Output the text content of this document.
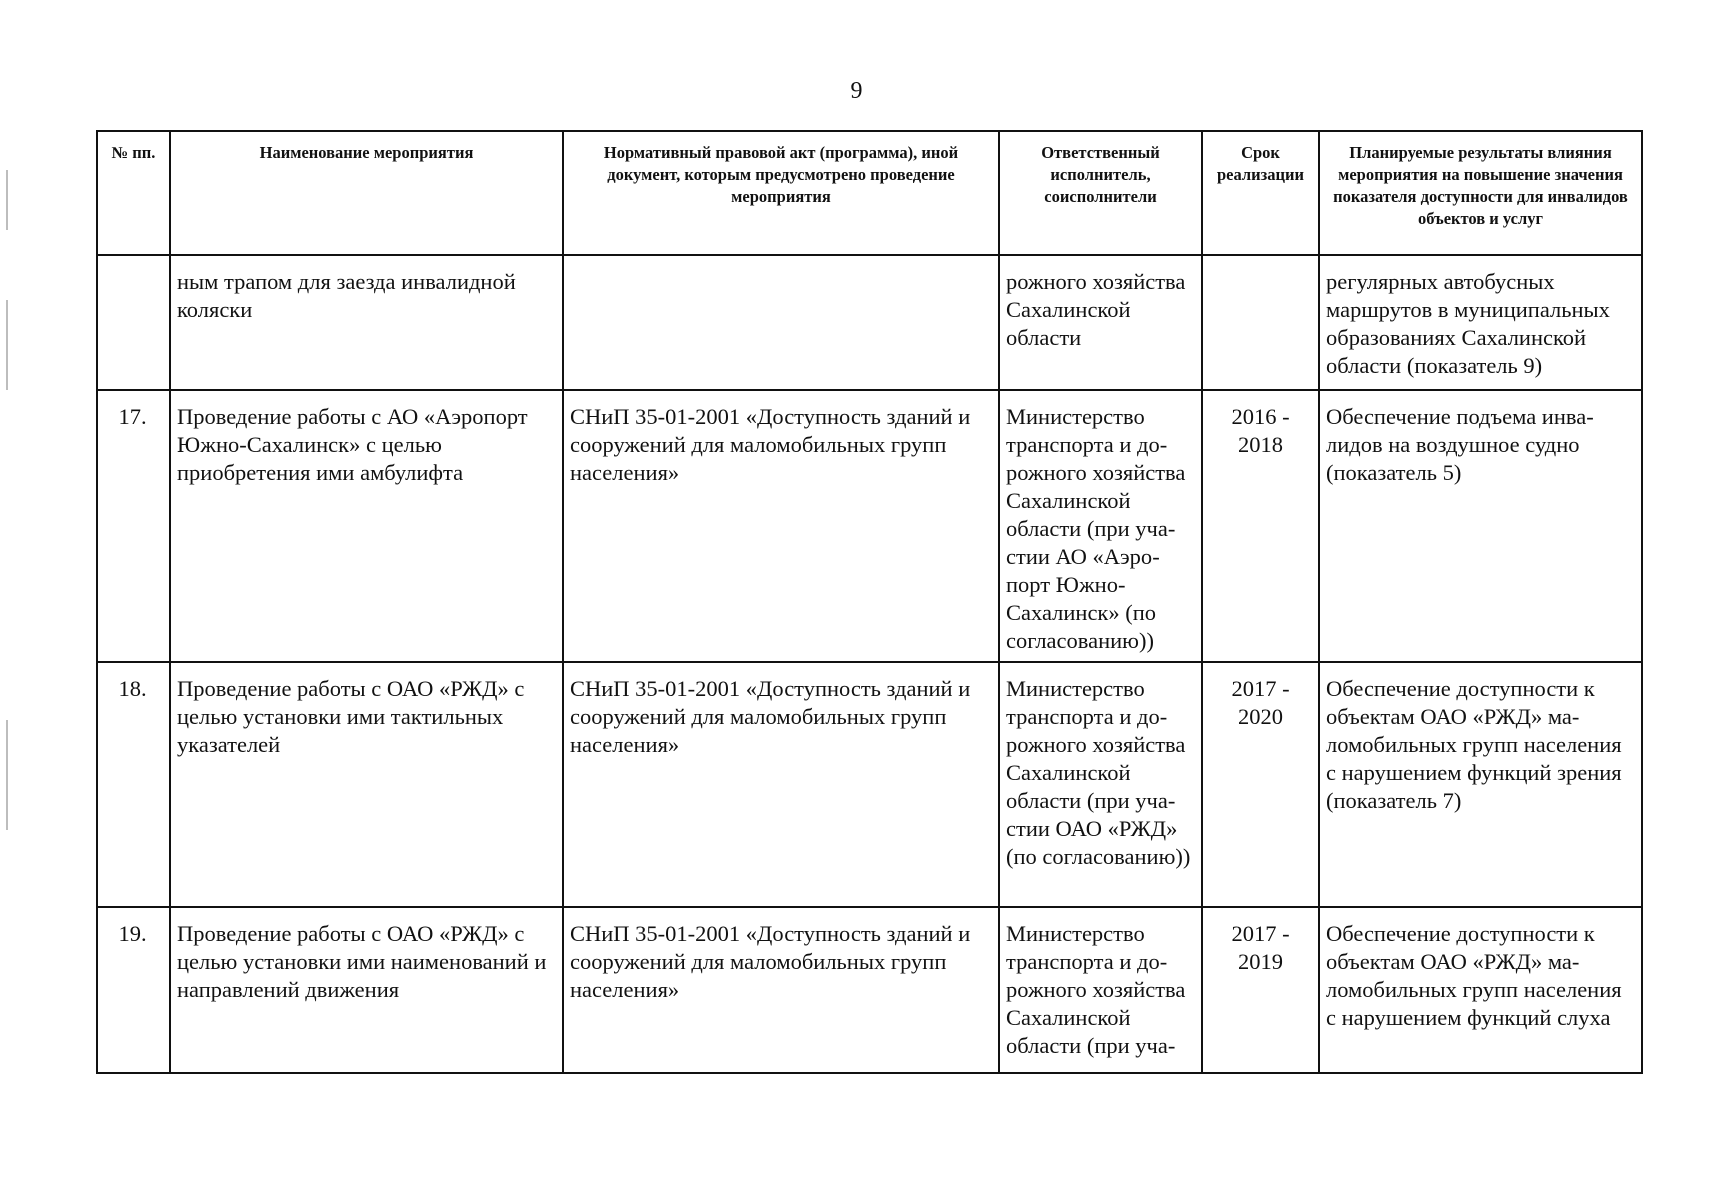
9
№ пп.	Наименование мероприятия	Нормативный правовой акт (программа), иной документ, которым предусмотрено проведение мероприятия	Ответственный исполнитель, соисполнители	Срок реализации	Планируемые результаты влияния мероприятия на повышение значения показателя доступности для инвалидов объектов и услуг
	ным трапом для заезда инвалидной коляски		рожного хозяйства Сахалинской области		регулярных автобусных маршрутов в муниципальных образованиях Сахалинской области (показатель 9)
17.	Проведение работы с АО «Аэропорт Южно-Сахалинск» с целью приобретения ими амбулифта	СНиП 35-01-2001 «Доступность зданий и сооружений для маломобильных групп населения»	Министерство транспорта и дорожного хозяйства Сахалинской области (при участии АО «Аэропорт Южно-Сахалинск» (по согласованию))	2016 - 2018	Обеспечение подъема инвалидов на воздушное судно (показатель 5)
18.	Проведение работы с ОАО «РЖД» с целью установки ими тактильных указателей	СНиП 35-01-2001 «Доступность зданий и сооружений для маломобильных групп населения»	Министерство транспорта и дорожного хозяйства Сахалинской области (при участии ОАО «РЖД» (по согласованию))	2017 - 2020	Обеспечение доступности к объектам ОАО «РЖД» маломобильных групп населения с нарушением функций зрения (показатель 7)
19.	Проведение работы с ОАО «РЖД» с целью установки ими наименований и направлений движения	СНиП 35-01-2001 «Доступность зданий и сооружений для маломобильных групп населения»	Министерство транспорта и дорожного хозяйства Сахалинской области (при уча-	2017 - 2019	Обеспечение доступности к объектам ОАО «РЖД» маломобильных групп населения с нарушением функций слуха
